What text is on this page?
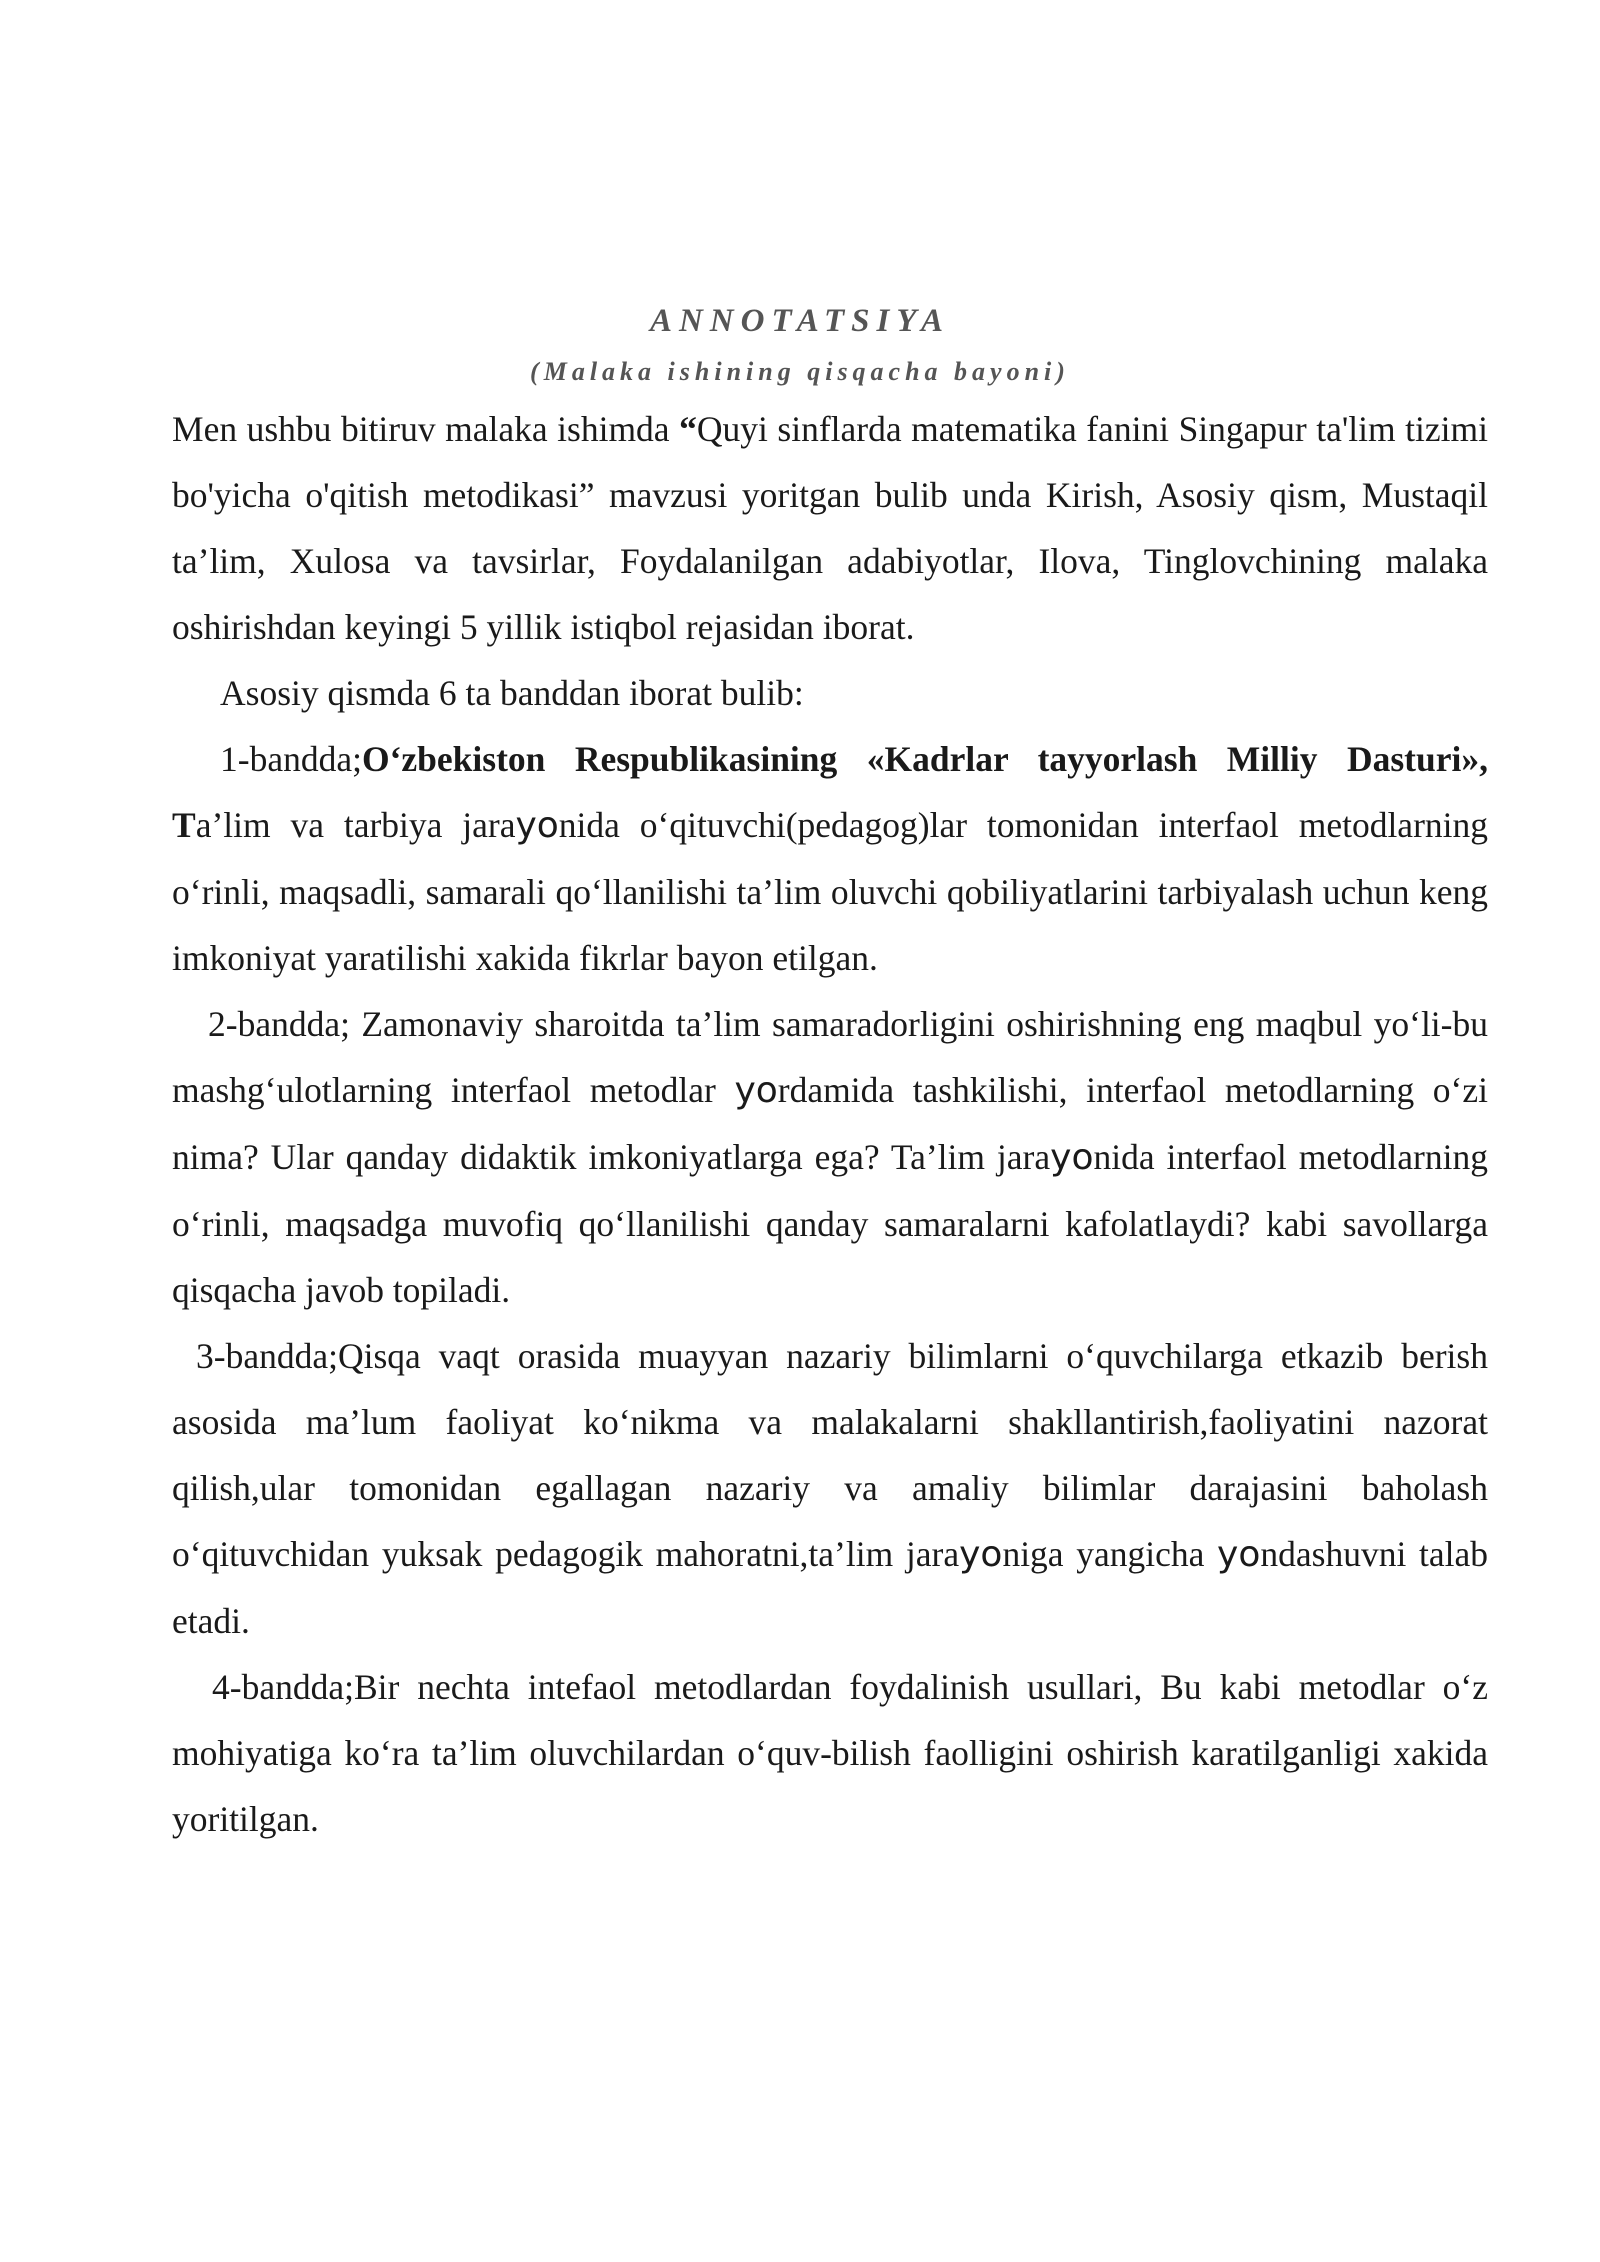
ANNOTATSIYA
(Malaka ishining qisqacha bayoni)

Men ushbu bitiruv malaka ishimda “Quyi sinflarda matematika fanini Singapur ta'lim tizimi bo'yicha o'qitish metodikasi” mavzusi yoritgan bulib unda Kirish, Asosiy qism, Mustaqil ta’lim, Xulosa va tavsirlar, Foydalanilgan adabiyotlar, Ilova, Tinglovchining malaka oshirishdan keyingi 5 yillik istiqbol rejasidan iborat.

Asosiy qismda 6 ta banddan iborat bulib:

1-bandda;O‘zbekiston Respublikasining «Kadrlar tayyorlash Milliy Dasturi», Ta’lim va tarbiya jarayonida o‘qituvchi(pedagog)lar tomonidan interfaol metodlarning o‘rinli, maqsadli, samarali qo‘llanilishi ta’lim oluvchi qobiliyatlarini tarbiyalash uchun keng imkoniyat yaratilishi xakida fikrlar bayon etilgan.

2-bandda; Zamonaviy sharoitda ta’lim samaradorligini oshirishning eng maqbul yo‘li-bu mashg‘ulotlarning interfaol metodlar yordamida tashkilishi, interfaol metodlarning o‘zi nima? Ular qanday didaktik imkoniyatlarga ega? Ta’lim jarayonida interfaol metodlarning o‘rinli, maqsadga muvofiq qo‘llanilishi qanday samaralarni kafolatlaydi? kabi savollarga qisqacha javob topiladi.

3-bandda;Qisqa vaqt orasida muayyan nazariy bilimlarni o‘quvchilarga etkazib berish asosida ma’lum faoliyat ko‘nikma va malakalarni shakllantirish,faoliyatini nazorat qilish,ular tomonidan egallagan nazariy va amaliy bilimlar darajasini baholash o‘qituvchidan yuksak pedagogik mahoratni,ta’lim jarayoniga yangicha yondashuvni talab etadi.

4-bandda;Bir nechta intefaol metodlardan foydalinish usullari, Bu kabi metodlar o‘z mohiyatiga ko‘ra ta’lim oluvchilardan o‘quv-bilish faolligini oshirish karatilganligi xakida yoritilgan.
